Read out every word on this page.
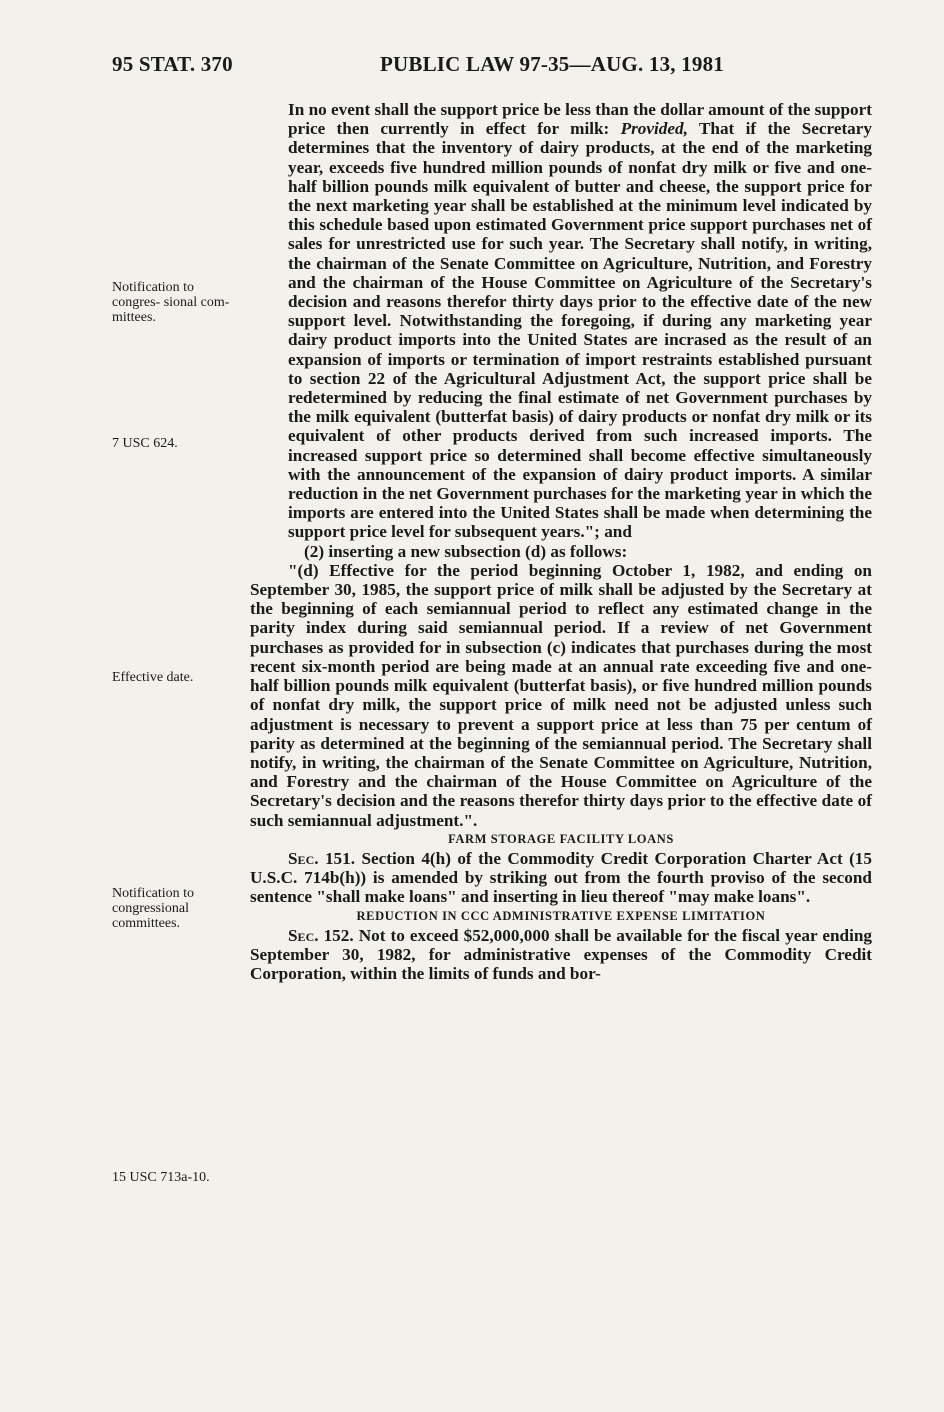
95 STAT. 370	PUBLIC LAW 97-35—AUG. 13, 1981
Notification to congres- sional com- mittees.
7 USC 624.
Effective date.
Notification to congressional committees.
15 USC 713a-10.

In no event shall the support price be less than the dollar amount of the support price then currently in effect for milk: Provided, That if the Secretary determines that the inventory of dairy products, at the end of the marketing year, exceeds five hundred million pounds of nonfat dry milk or five and one-half billion pounds milk equivalent of butter and cheese, the support price for the next marketing year shall be established at the minimum level indicated by this schedule based upon estimated Government price support purchases net of sales for unrestricted use for such year. The Secretary shall notify, in writing, the chairman of the Senate Committee on Agriculture, Nutrition, and Forestry and the chairman of the House Committee on Agriculture of the Secretary's decision and reasons therefor thirty days prior to the effective date of the new support level. Notwithstanding the foregoing, if during any marketing year dairy product imports into the United States are incrased as the result of an expansion of imports or termination of import restraints established pursuant to section 22 of the Agricultural Adjustment Act, the support price shall be redetermined by reducing the final estimate of net Government purchases by the milk equivalent (butterfat basis) of dairy products or nonfat dry milk or its equivalent of other products derived from such increased imports. The increased support price so determined shall become effective simultaneously with the announcement of the expansion of dairy product imports. A similar reduction in the net Government purchases for the marketing year in which the imports are entered into the United States shall be made when determining the support price level for subsequent years."; and

(2) inserting a new subsection (d) as follows:

"(d) Effective for the period beginning October 1, 1982, and ending on September 30, 1985, the support price of milk shall be adjusted by the Secretary at the beginning of each semiannual period to reflect any estimated change in the parity index during said semiannual period. If a review of net Government purchases as provided for in subsection (c) indicates that purchases during the most recent six-month period are being made at an annual rate exceeding five and one-half billion pounds milk equivalent (butterfat basis), or five hundred million pounds of nonfat dry milk, the support price of milk need not be adjusted unless such adjustment is necessary to prevent a support price at less than 75 per centum of parity as determined at the beginning of the semiannual period. The Secretary shall notify, in writing, the chairman of the Senate Committee on Agriculture, Nutrition, and Forestry and the chairman of the House Committee on Agriculture of the Secretary's decision and the reasons therefor thirty days prior to the effective date of such semiannual adjustment.".

FARM STORAGE FACILITY LOANS

Sec. 151. Section 4(h) of the Commodity Credit Corporation Charter Act (15 U.S.C. 714b(h)) is amended by striking out from the fourth proviso of the second sentence "shall make loans" and inserting in lieu thereof "may make loans".

REDUCTION IN CCC ADMINISTRATIVE EXPENSE LIMITATION

Sec. 152. Not to exceed $52,000,000 shall be available for the fiscal year ending September 30, 1982, for administrative expenses of the Commodity Credit Corporation, within the limits of funds and bor-
